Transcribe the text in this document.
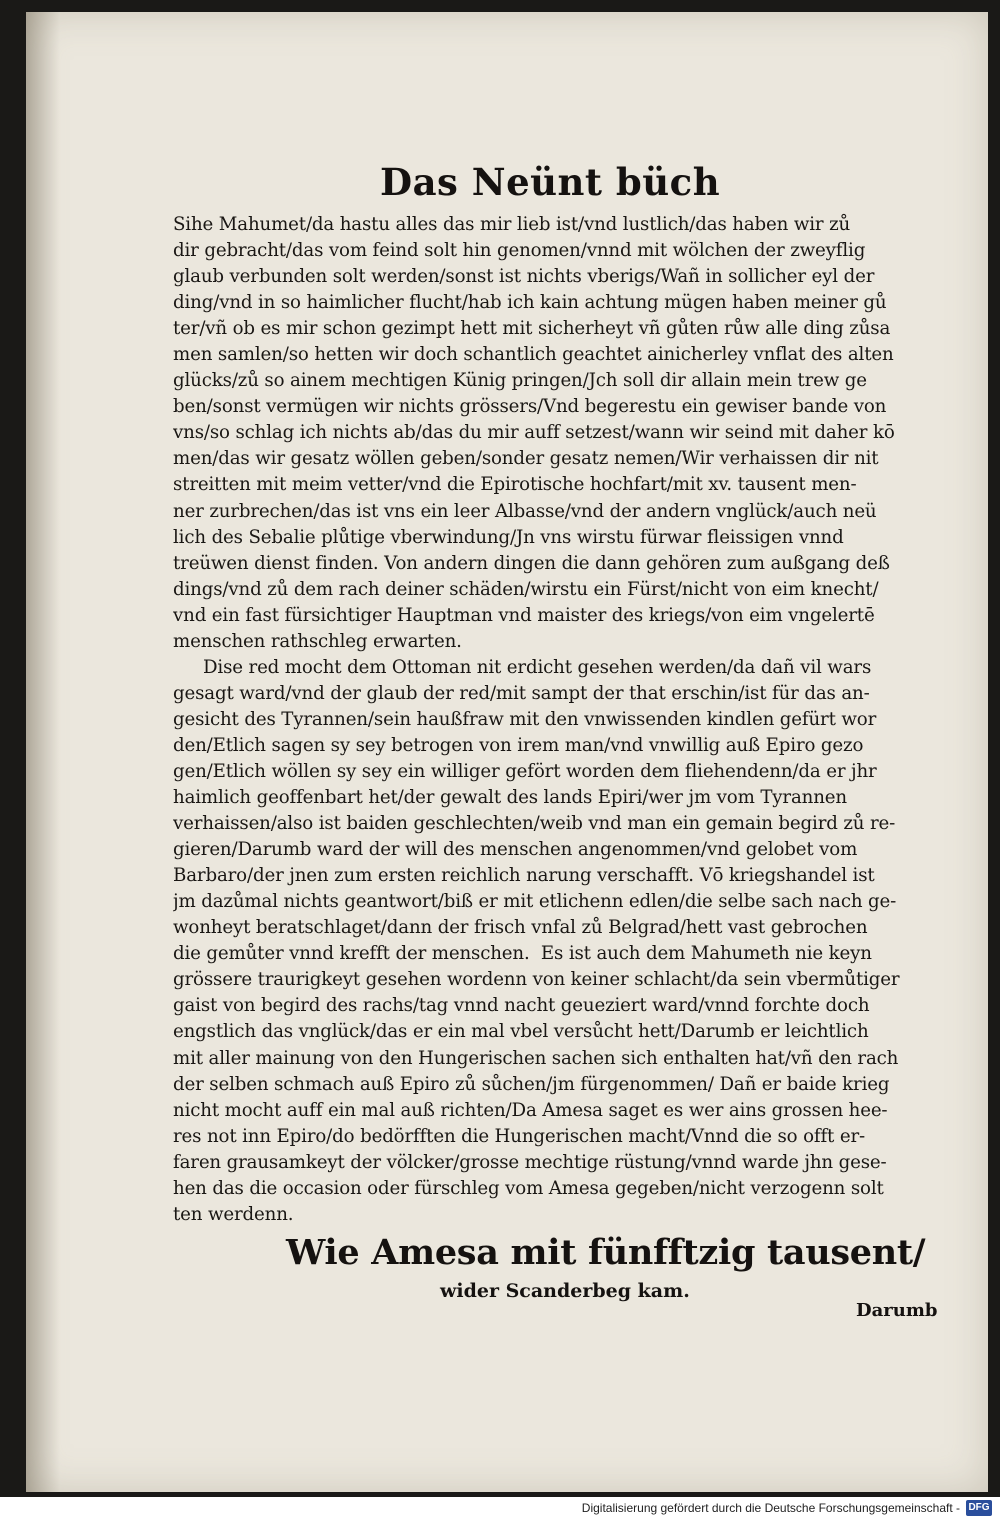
Das Neünt büch
Sihe Mahumet/da hastu alles das mir lieb ist/vnd lustlich/das haben wir zů
dir gebracht/das vom feind solt hin genomen/vnnd mit wölchen der zweyflig
glaub verbunden solt werden/sonst ist nichts vberigs/Wañ in sollicher eyl der
ding/vnd in so haimlicher flucht/hab ich kain achtung mügen haben meiner gů
ter/vñ ob es mir schon gezimpt hett mit sicherheyt vñ gůten růw alle ding zůsa
men samlen/so hetten wir doch schantlich geachtet ainicherley vnflat des alten
glücks/zů so ainem mechtigen Künig pringen/Jch soll dir allain mein trew ge
ben/sonst vermügen wir nichts grössers/Vnd begerestu ein gewiser bande von
vns/so schlag ich nichts ab/das du mir auff setzest/wann wir seind mit daher kō
men/das wir gesatz wöllen geben/sonder gesatz nemen/Wir verhaissen dir nit
streitten mit meim vetter/vnd die Epirotische hochfart/mit xv. tausent men-
ner zurbrechen/das ist vns ein leer Albasse/vnd der andern vnglück/auch neü
lich des Sebalie plůtige vberwindung/Jn vns wirstu fürwar fleissigen vnnd
treüwen dienst finden. Von andern dingen die dann gehören zum außgang deß
dings/vnd zů dem rach deiner schäden/wirstu ein Fürst/nicht von eim knecht/
vnd ein fast fürsichtiger Hauptman vnd maister des kriegs/von eim vngelertē
menschen rathschleg erwarten.
Dise red mocht dem Ottoman nit erdicht gesehen werden/da dañ vil wars
gesagt ward/vnd der glaub der red/mit sampt der that erschin/ist für das an-
gesicht des Tyrannen/sein haußfraw mit den vnwissenden kindlen gefürt wor
den/Etlich sagen sy sey betrogen von irem man/vnd vnwillig auß Epiro gezo
gen/Etlich wöllen sy sey ein williger gefört worden dem fliehendenn/da er jhr
haimlich geoffenbart het/der gewalt des lands Epiri/wer jm vom Tyrannen
verhaissen/also ist baiden geschlechten/weib vnd man ein gemain begird zů re-
gieren/Darumb ward der will des menschen angenommen/vnd gelobet vom
Barbaro/der jnen zum ersten reichlich narung verschafft. Vō kriegshandel ist
jm dazůmal nichts geantwort/biß er mit etlichenn edlen/die selbe sach nach ge-
wonheyt beratschlaget/dann der frisch vnfal zů Belgrad/hett vast gebrochen
die gemůter vnnd krefft der menschen.  Es ist auch dem Mahumeth nie keyn
grössere traurigkeyt gesehen wordenn von keiner schlacht/da sein vbermůtiger
gaist von begird des rachs/tag vnnd nacht geueziert ward/vnnd forchte doch
engstlich das vnglück/das er ein mal vbel versůcht hett/Darumb er leichtlich
mit aller mainung von den Hungerischen sachen sich enthalten hat/vñ den rach
der selben schmach auß Epiro zů sůchen/jm fürgenommen/ Dañ er baide krieg
nicht mocht auff ein mal auß richten/Da Amesa saget es wer ains grossen hee-
res not inn Epiro/do bedörfften die Hungerischen macht/Vnnd die so offt er-
faren grausamkeyt der völcker/grosse mechtige rüstung/vnnd warde jhn gese-
hen das die occasion oder fürschleg vom Amesa gegeben/nicht verzogenn solt
ten werdenn.
Wie Amesa mit fünfftzig tausent/
wider Scanderbeg kam.
Darumb
Digitalisierung gefördert durch die Deutsche Forschungsgemeinschaft - DFG
